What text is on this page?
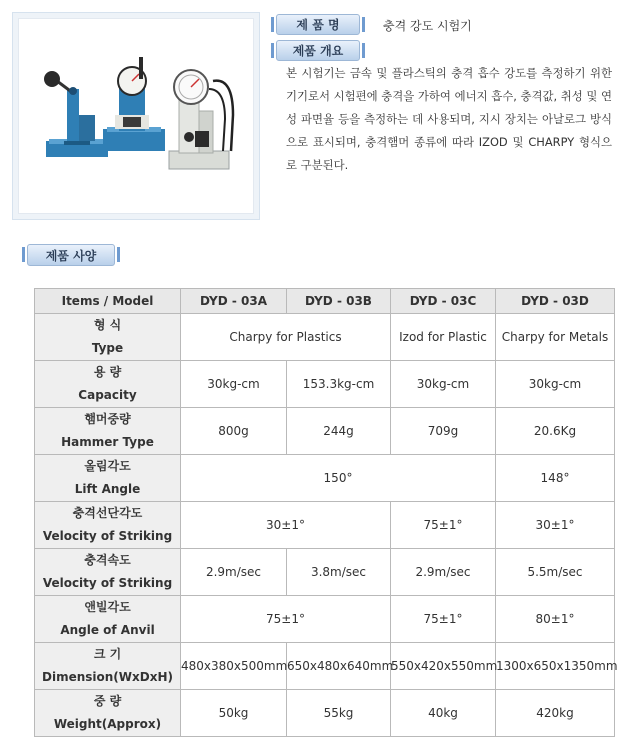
제 품 명	충격 강도 시험기
제품 개요
본 시험기는 금속 및 플라스틱의 충격 흡수 강도를 측정하기 위한 기기로서 시험편에 충격을 가하여 에너지 흡수, 충격값, 취성 및 연성 파면율 등을 측정하는 데 사용되며, 지시 장치는 아날로그 방식으로 표시되며, 충격햄머 종류에 따라 IZOD 및 CHARPY 형식으로 구분된다.
제품 사양
Items / Model	DYD - 03A	DYD - 03B	DYD - 03C	DYD - 03D

형 식
Type	Charpy for Plastics		Izod for Plastic	Charpy for Metals

용 량
Capacity	30kg-cm	153.3kg-cm	30kg-cm	30kg-cm

햄머중량
Hammer Type	800g	244g	709g	20.6Kg

올림각도
Lift Angle	150°			148°

충격선단각도
Velocity of Striking	30±1°		75±1°	30±1°

충격속도
Velocity of Striking	2.9m/sec	3.8m/sec	2.9m/sec	5.5m/sec

앤빌각도
Angle of Anvil	75±1°		75±1°	80±1°

크 기
Dimension(WxDxH)	480x380x500mm	650x480x640mm	550x420x550mm	1300x650x1350mm

중 량
Weight(Approx)	50kg	55kg	40kg	420kg
